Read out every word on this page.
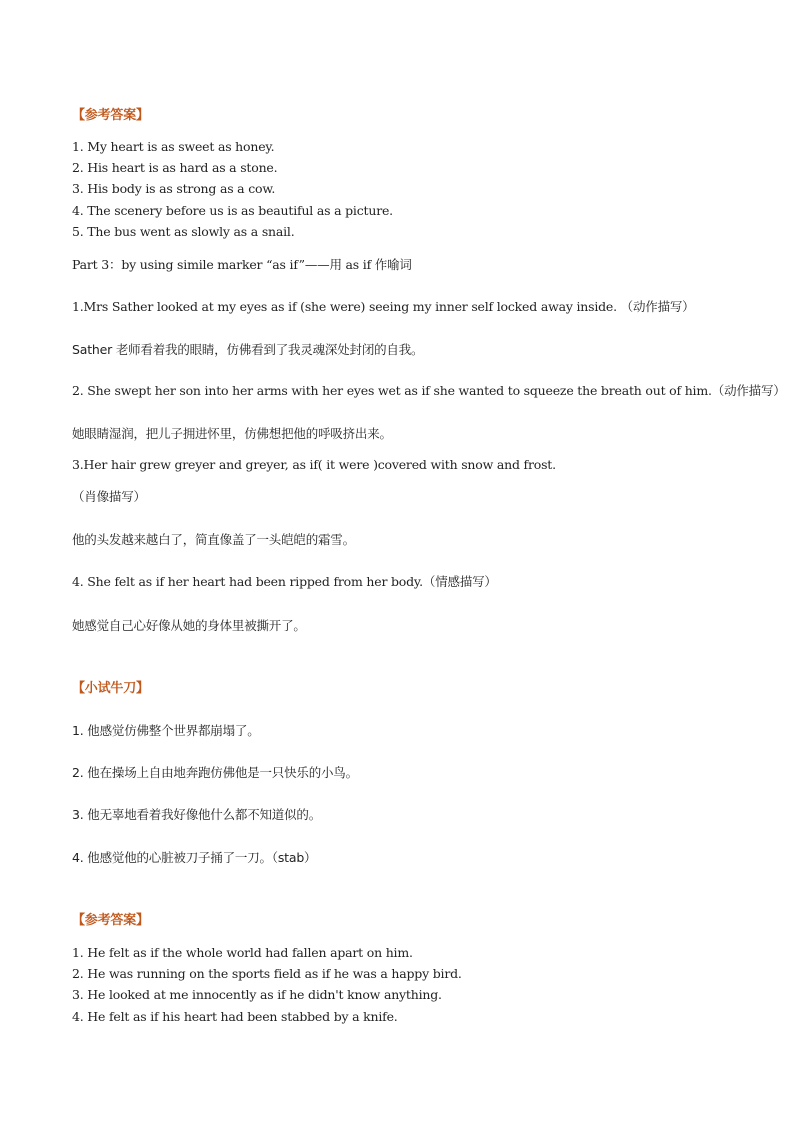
【参考答案】
1. My heart is as sweet as honey.
2. His heart is as hard as a stone.
3. His body is as strong as a cow.
4. The scenery before us is as beautiful as a picture.
5. The bus went as slowly as a snail.
Part 3：by using simile marker “as if”——用 as if 作喻词
1.Mrs Sather looked at my eyes as if (she were) seeing my inner self locked away inside. （动作描写）
Sather 老师看着我的眼睛，仿佛看到了我灵魂深处封闭的自我。
2. She swept her son into her arms with her eyes wet as if she wanted to squeeze the breath out of him.（动作描写）
她眼睛湿润，把儿子拥进怀里，仿佛想把他的呼吸挤出来。
3.Her hair grew greyer and greyer, as if( it were )covered with snow and frost.
（肖像描写）
他的头发越来越白了，简直像盖了一头皑皑的霜雪。
4. She felt as if her heart had been ripped from her body.（情感描写）
她感觉自己心好像从她的身体里被撕开了。
【小试牛刀】
1. 他感觉仿佛整个世界都崩塌了。
2. 他在操场上自由地奔跑仿佛他是一只快乐的小鸟。
3. 他无辜地看着我好像他什么都不知道似的。
4. 他感觉他的心脏被刀子捅了一刀。（stab）
【参考答案】
1. He felt as if the whole world had fallen apart on him.
2. He was running on the sports field as if he was a happy bird.
3. He looked at me innocently as if he didn't know anything.
4. He felt as if his heart had been stabbed by a knife.
